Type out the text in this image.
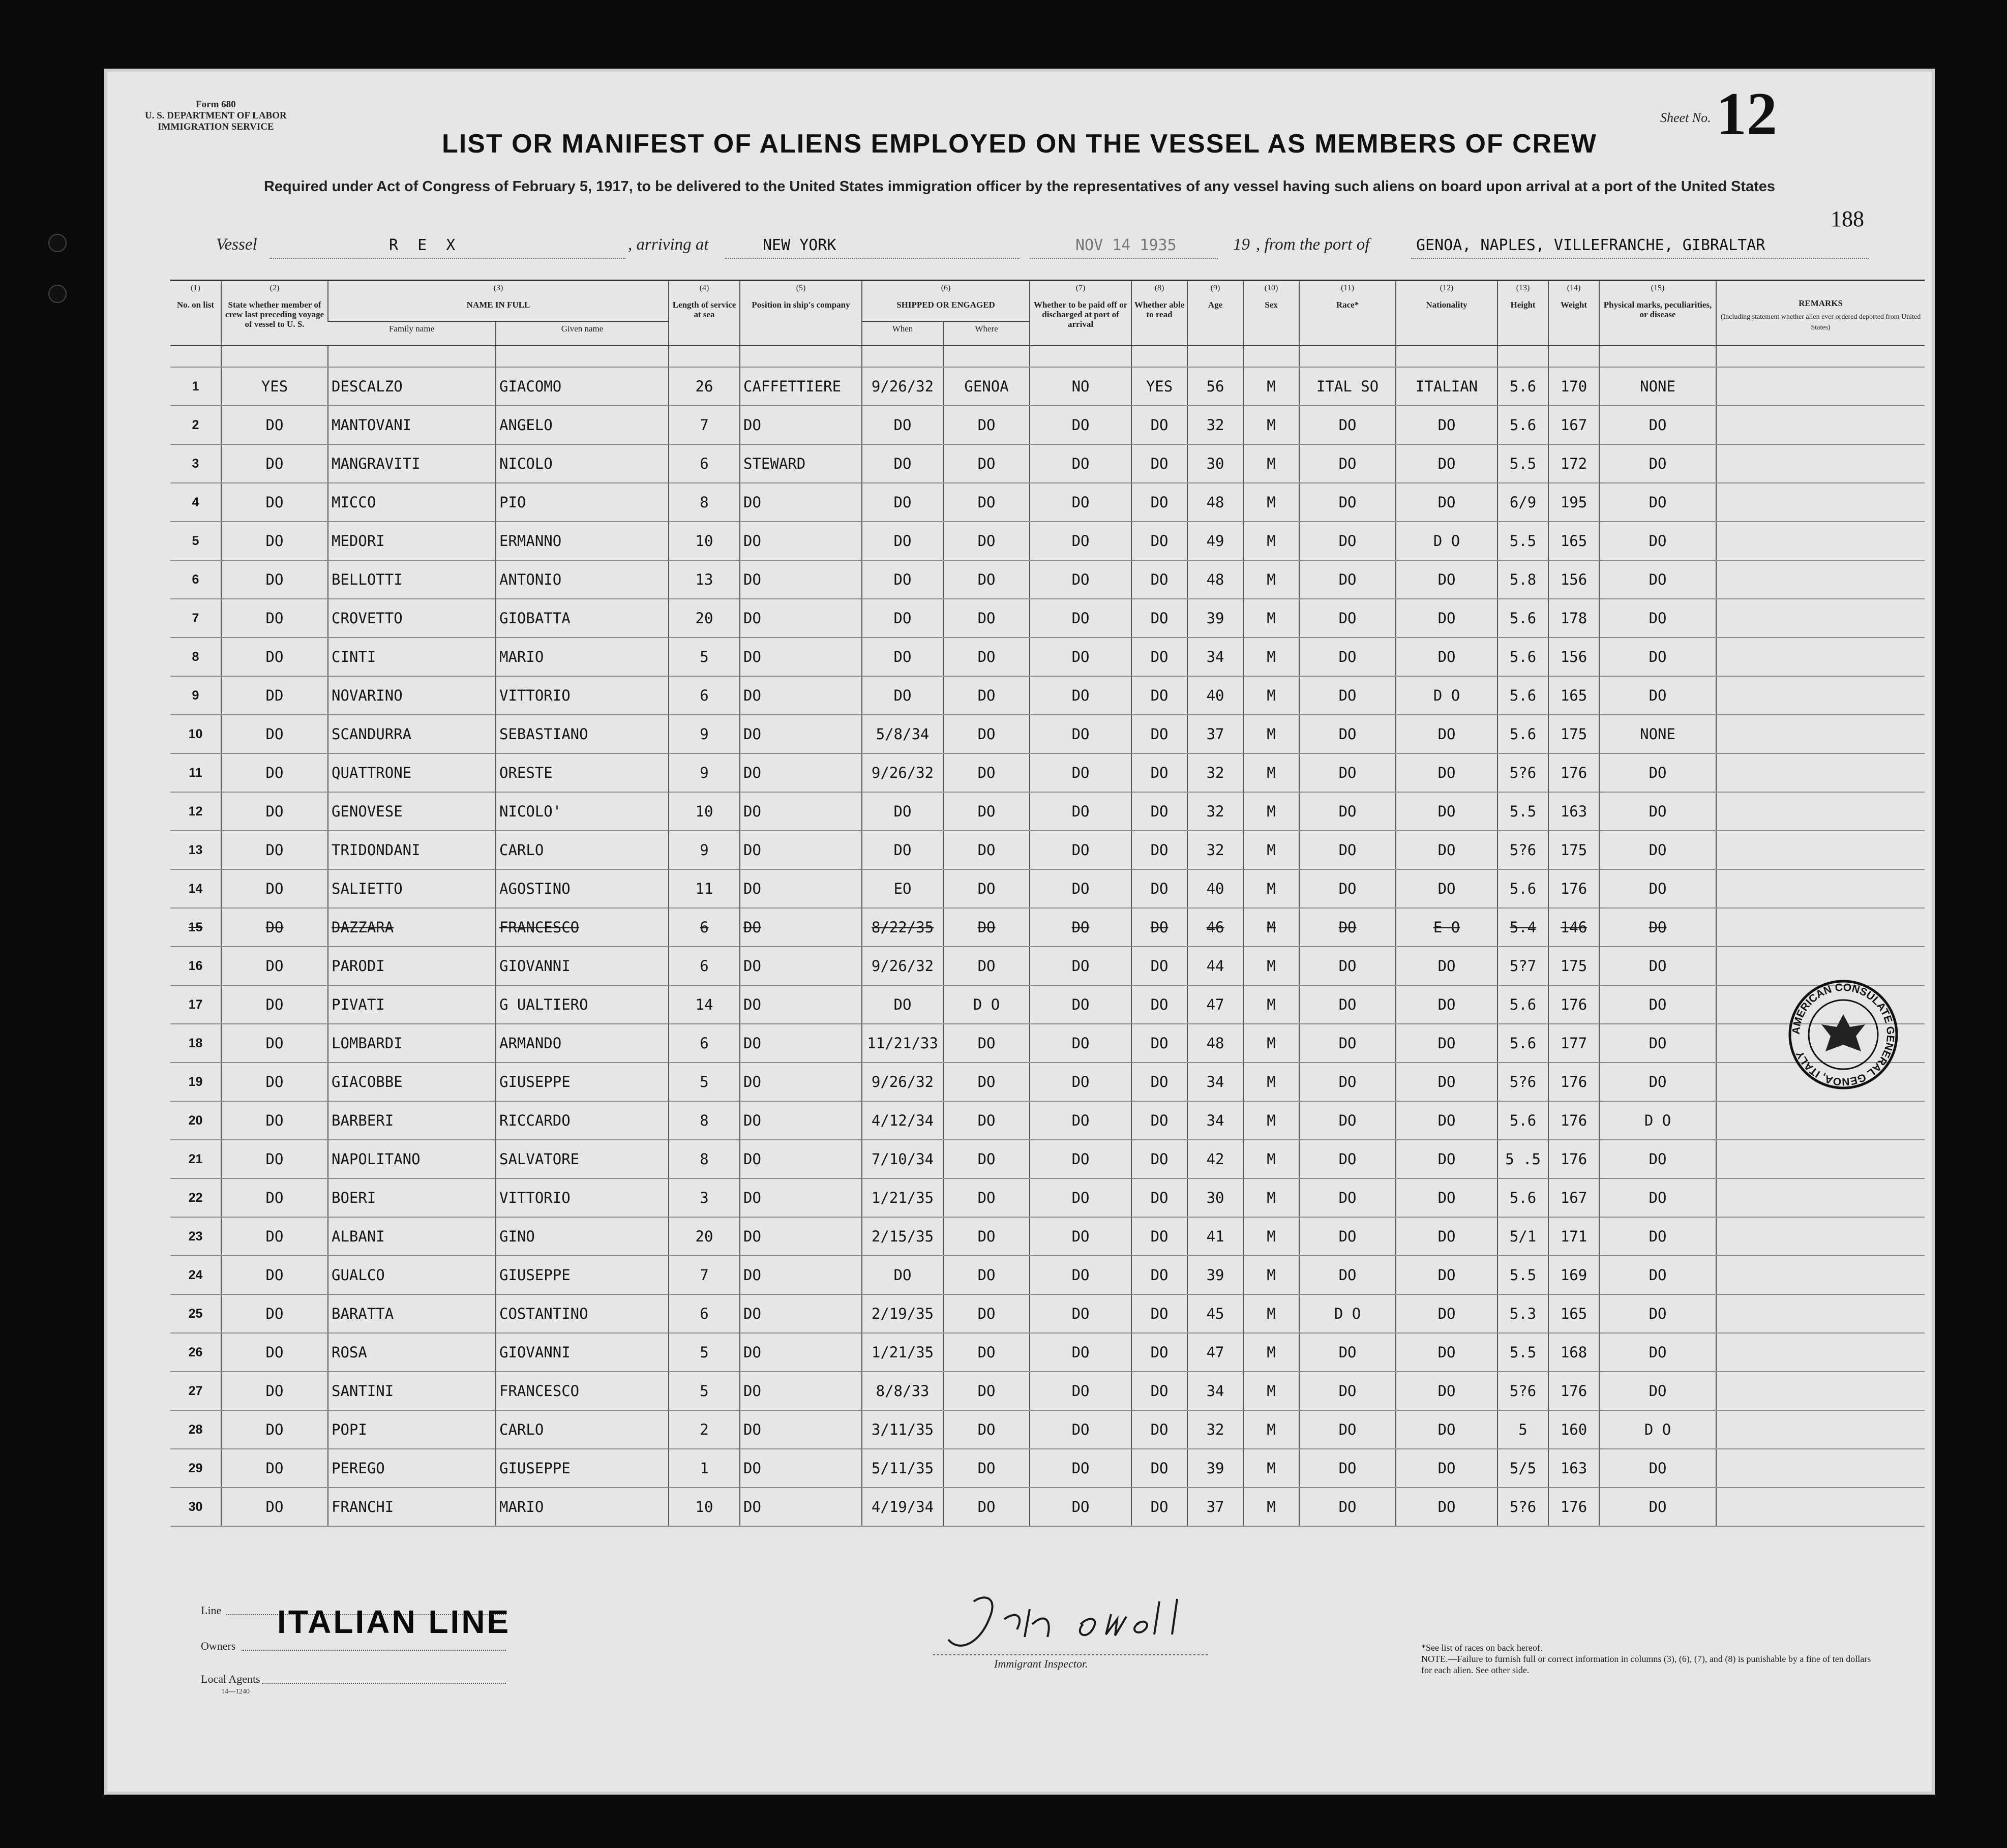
Form 680
U. S. DEPARTMENT OF LABOR
IMMIGRATION SERVICE
Sheet No. 12
LIST OR MANIFEST OF ALIENS EMPLOYED ON THE VESSEL AS MEMBERS OF CREW
Required under Act of Congress of February 5, 1917, to be delivered to the United States immigration officer by the representatives of any vessel having such aliens on board upon arrival at a port of the United States
188
Vessel	R E X	, arriving at	NEW YORK	NOV 14 1935	19 , from the port of	GENOA, NAPLES, VILLEFRANCHE, GIBRALTAR
(1)
No. on list	(2)
State whether member of crew last preceding voyage of vessel to U. S.	(3)
NAME IN FULL		(4)
Length of service at sea	(5)
Position in ship's company	(6)
SHIPPED OR ENGAGED		(7)
Whether to be paid off or discharged at port of arrival	(8)
Whether able to read	(9)
Age	(10)
Sex	(11)
Race*	(12)
Nationality	(13)
Height	(14)
Weight	(15)
Physical marks, peculiarities, or disease	REMARKS
(Including statement whether alien ever ordered deported from United States)
		Family name	Given name			When	Where										

1	YES	DESCALZO	GIACOMO	26	CAFFETTIERE	9/26/32	GENOA	NO	YES	56	M	ITAL SO	ITALIAN	5.6	170	NONE	
2	DO	MANTOVANI	ANGELO	7	DO	DO	DO	DO	DO	32	M	DO	DO	5.6	167	DO	
3	DO	MANGRAVITI	NICOLO	6	STEWARD	DO	DO	DO	DO	30	M	DO	DO	5.5	172	DO	
4	DO	MICCO	PIO	8	DO	DO	DO	DO	DO	48	M	DO	DO	6/9	195	DO	
5	DO	MEDORI	ERMANNO	10	DO	DO	DO	DO	DO	49	M	DO	D O	5.5	165	DO	
6	DO	BELLOTTI	ANTONIO	13	DO	DO	DO	DO	DO	48	M	DO	DO	5.8	156	DO	
7	DO	CROVETTO	GIOBATTA	20	DO	DO	DO	DO	DO	39	M	DO	DO	5.6	178	DO	
8	DO	CINTI	MARIO	5	DO	DO	DO	DO	DO	34	M	DO	DO	5.6	156	DO	
9	DD	NOVARINO	VITTORIO	6	DO	DO	DO	DO	DO	40	M	DO	D O	5.6	165	DO	
10	DO	SCANDURRA	SEBASTIANO	9	DO	5/8/34	DO	DO	DO	37	M	DO	DO	5.6	175	NONE	
11	DO	QUATTRONE	ORESTE	9	DO	9/26/32	DO	DO	DO	32	M	DO	DO	5?6	176	DO	
12	DO	GENOVESE	NICOLO'	10	DO	DO	DO	DO	DO	32	M	DO	DO	5.5	163	DO	
13	DO	TRIDONDANI	CARLO	9	DO	DO	DO	DO	DO	32	M	DO	DO	5?6	175	DO	
14	DO	SALIETTO	AGOSTINO	11	DO	EO	DO	DO	DO	40	M	DO	DO	5.6	176	DO	
15	DO	DAZZARA	FRANCESCO	6	DO	8/22/35	DO	DO	DO	46	M	DO	E O	5.4	146	DO	
16	DO	PARODI	GIOVANNI	6	DO	9/26/32	DO	DO	DO	44	M	DO	DO	5?7	175	DO	
17	DO	PIVATI	G UALTIERO	14	DO	DO	D O	DO	DO	47	M	DO	DO	5.6	176	DO	
18	DO	LOMBARDI	ARMANDO	6	DO	11/21/33	DO	DO	DO	48	M	DO	DO	5.6	177	DO	
19	DO	GIACOBBE	GIUSEPPE	5	DO	9/26/32	DO	DO	DO	34	M	DO	DO	5?6	176	DO	
20	DO	BARBERI	RICCARDO	8	DO	4/12/34	DO	DO	DO	34	M	DO	DO	5.6	176	D O	
21	DO	NAPOLITANO	SALVATORE	8	DO	7/10/34	DO	DO	DO	42	M	DO	DO	5 .5	176	DO	
22	DO	BOERI	VITTORIO	3	DO	1/21/35	DO	DO	DO	30	M	DO	DO	5.6	167	DO	
23	DO	ALBANI	GINO	20	DO	2/15/35	DO	DO	DO	41	M	DO	DO	5/1	171	DO	
24	DO	GUALCO	GIUSEPPE	7	DO	DO	DO	DO	DO	39	M	DO	DO	5.5	169	DO	
25	DO	BARATTA	COSTANTINO	6	DO	2/19/35	DO	DO	DO	45	M	D O	DO	5.3	165	DO	
26	DO	ROSA	GIOVANNI	5	DO	1/21/35	DO	DO	DO	47	M	DO	DO	5.5	168	DO	
27	DO	SANTINI	FRANCESCO	5	DO	8/8/33	DO	DO	DO	34	M	DO	DO	5?6	176	DO	
28	DO	POPI	CARLO	2	DO	3/11/35	DO	DO	DO	32	M	DO	DO	5	160	D O	
29	DO	PEREGO	GIUSEPPE	1	DO	5/11/35	DO	DO	DO	39	M	DO	DO	5/5	163	DO	
30	DO	FRANCHI	MARIO	10	DO	4/19/34	DO	DO	DO	37	M	DO	DO	5?6	176	DO	
Line ITALIAN LINE
Owners
Local Agents
14—1240
Immigrant Inspector.
*See list of races on back hereof.
NOTE.—Failure to furnish full or correct information in columns (3), (6), (7), and (8) is punishable by a fine of ten dollars for each alien. See other side.
AMERICAN CONSULATE GENERAL GENOA, ITALY
